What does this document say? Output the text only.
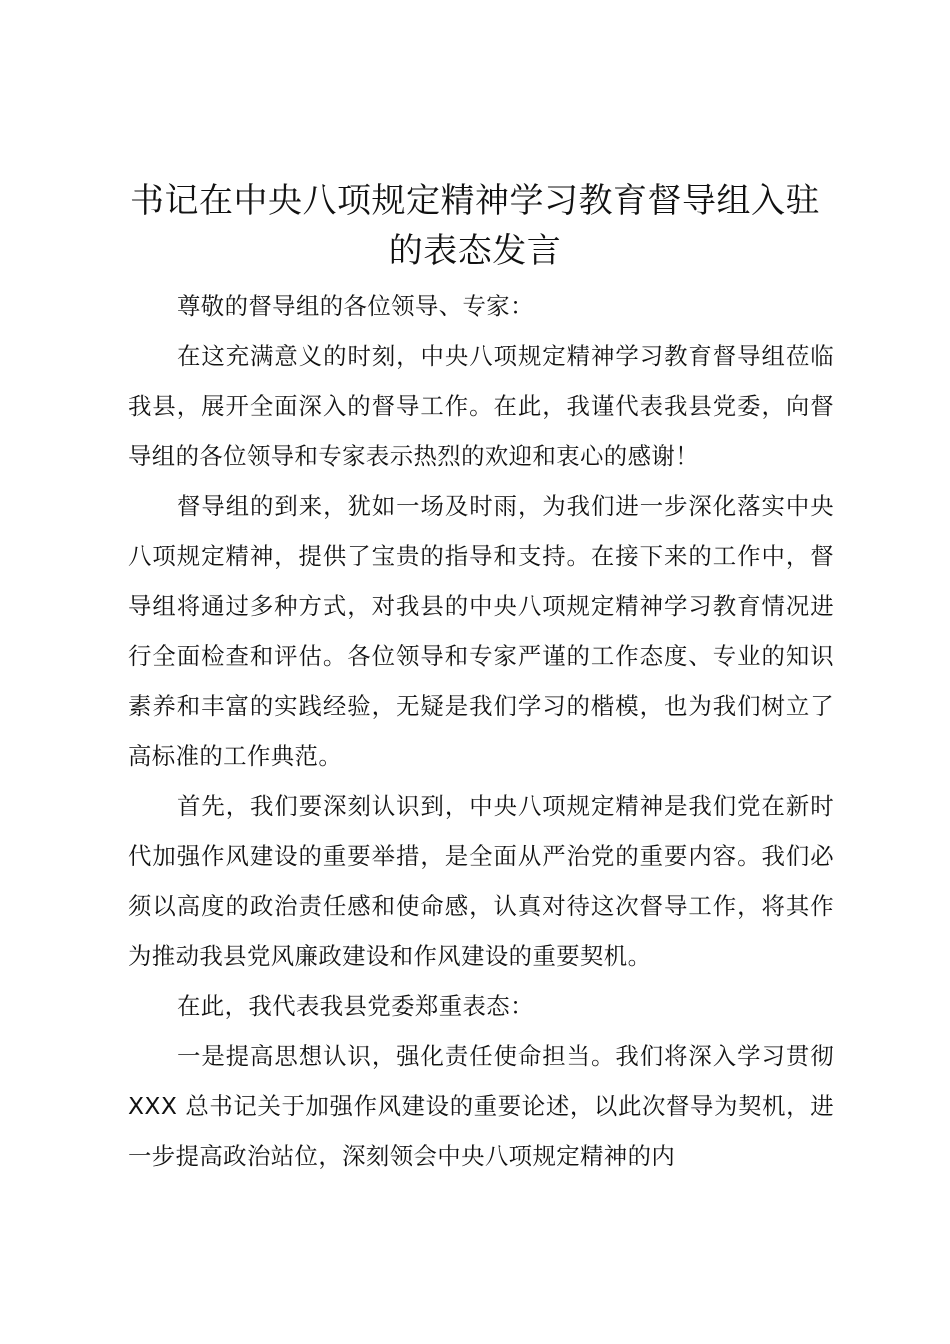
书记在中央八项规定精神学习教育督导组入驻
的表态发言

尊敬的督导组的各位领导、专家：

在这充满意义的时刻，中央八项规定精神学习教育督导组莅临我县，展开全面深入的督导工作。在此，我谨代表我县党委，向督导组的各位领导和专家表示热烈的欢迎和衷心的感谢！

督导组的到来，犹如一场及时雨，为我们进一步深化落实中央八项规定精神，提供了宝贵的指导和支持。在接下来的工作中，督导组将通过多种方式，对我县的中央八项规定精神学习教育情况进行全面检查和评估。各位领导和专家严谨的工作态度、专业的知识素养和丰富的实践经验，无疑是我们学习的楷模，也为我们树立了高标准的工作典范。

首先，我们要深刻认识到，中央八项规定精神是我们党在新时代加强作风建设的重要举措，是全面从严治党的重要内容。我们必须以高度的政治责任感和使命感，认真对待这次督导工作，将其作为推动我县党风廉政建设和作风建设的重要契机。

在此，我代表我县党委郑重表态：

一是提高思想认识，强化责任使命担当。我们将深入学习贯彻 XXX 总书记关于加强作风建设的重要论述，以此次督导为契机，进一步提高政治站位，深刻领会中央八项规定精神的内
